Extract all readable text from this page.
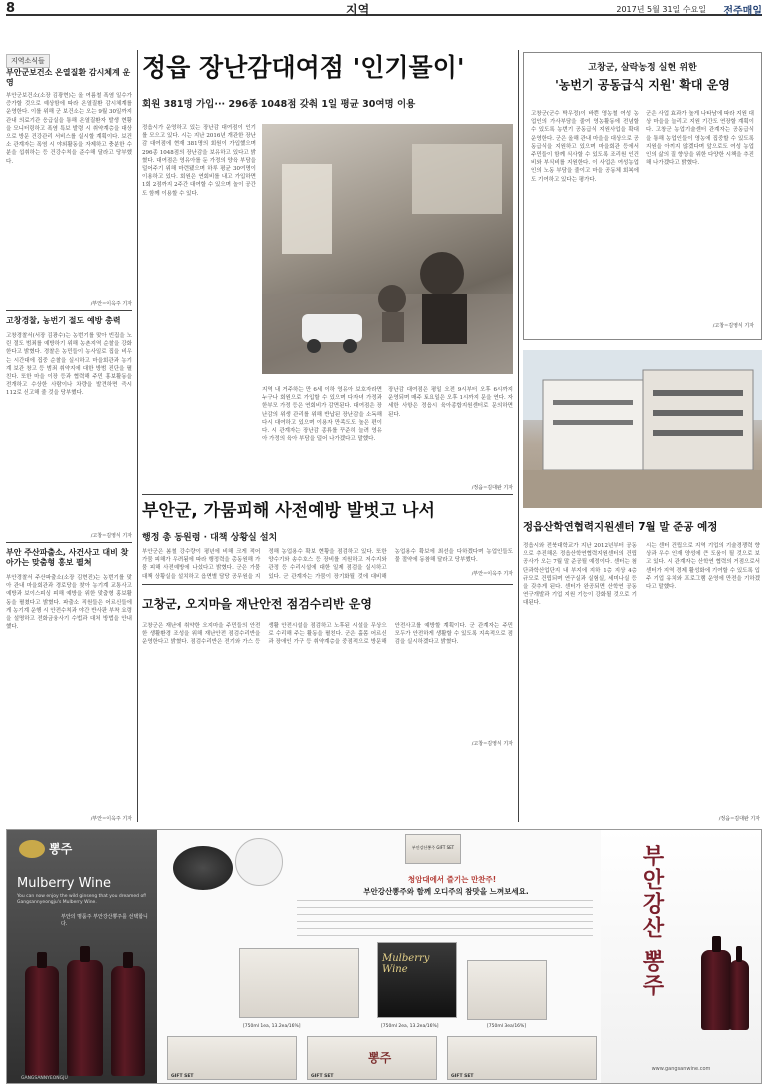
8	지역	2017년 5월 31일 수요일 전주매일
지역소식들
부안군보건소 온열질환 감시체계 운영
부안군보건소(소장 김광현)는 올 여름철 폭염 일수가 증가할 것으로 예상함에 따라 온열질환 감시체계를 운영한다. 이를 위해 군 보건소는 오는 9월 30일까지 관내 의료기관 응급실을 통해 온열질환자 발생 현황을 모니터링하고 폭염 특보 발령 시 취약계층을 대상으로 방문 건강관리 서비스를 실시할 계획이다. 보건소 관계자는 폭염 시 야외활동을 자제하고 충분한 수분을 섭취하는 등 건강수칙을 준수해 달라고 당부했다.
/부안=이옥주 기자
고창경찰, 농번기 절도 예방 총력
고창경찰서(서장 김광수)는 농번기를 맞아 빈집을 노린 절도 범죄를 예방하기 위해 농촌지역 순찰을 강화한다고 밝혔다. 경찰은 농민들이 농사일로 집을 비우는 시간대에 집중 순찰을 실시하고 마을회관과 농기계 보관 창고 등 범죄 취약지에 대한 방범 진단을 펼친다. 또한 마을 이장 등과 협력해 주민 홍보활동을 전개하고 수상한 사람이나 차량을 발견하면 즉시 112로 신고해 줄 것을 당부했다.
/고창=김영식 기자
부안 주산파출소, 사건사고 대비 찾아가는 맞춤형 홍보 펼쳐
부안경찰서 주산파출소(소장 김현진)는 농번기를 맞아 관내 마을회관과 경로당을 찾아 농기계 교통사고 예방과 보이스피싱 피해 예방을 위한 맞춤형 홍보활동을 펼쳤다고 밝혔다. 파출소 직원들은 어르신들에게 농기계 운행 시 안전수칙과 야간 반사판 부착 요령을 설명하고 전화금융사기 수법과 대처 방법을 안내했다.
/부안=이옥주 기자
정읍 장난감대여점 '인기몰이'
회원 381명 가입··· 296종 1048점 갖춰 1일 평균 30여명 이용
정읍시가 운영하고 있는 장난감 대여점이 인기를 모으고 있다. 시는 지난 2016년 개관한 장난감 대여점에 현재 381명의 회원이 가입했으며 296종 1048점의 장난감을 보유하고 있다고 밝혔다. 대여점은 영유아를 둔 가정의 양육 부담을 덜어주기 위해 마련됐으며 하루 평균 30여명이 이용하고 있다. 회원은 연회비를 내고 가입하면 1회 2점까지 2주간 대여할 수 있으며 놀이 공간도 함께 이용할 수 있다.
지역 내 거주하는 만 6세 이하 영유아 보호자라면 누구나 회원으로 가입할 수 있으며 다자녀 가정과 한부모 가정 등은 연회비가 감면된다. 대여점은 장난감의 위생 관리를 위해 반납된 장난감을 소독해 다시 대여하고 있으며 이용자 만족도도 높은 편이다. 시 관계자는 장난감 종류를 꾸준히 늘려 영유아 가정의 육아 부담을 덜어 나가겠다고 말했다.
장난감 대여점은 평일 오전 9시부터 오후 6시까지 운영되며 매주 토요일은 오후 1시까지 문을 연다. 자세한 사항은 정읍시 육아종합지원센터로 문의하면 된다.
/정읍=김대완 기자
고창군, 살락농정 실현 위한
'농번기 공동급식 지원' 확대 운영
고창군(군수 박우정)이 바쁜 영농철 여성 농업인의 가사부담을 줄여 영농활동에 전념할 수 있도록 농번기 공동급식 지원사업을 확대 운영한다. 군은 올해 관내 마을을 대상으로 공동급식을 지원하고 있으며 마을회관 등에서 주민들이 함께 식사할 수 있도록 조리원 인건비와 부식비를 지원한다. 이 사업은 여성농업인의 노동 부담을 줄이고 마을 공동체 회복에도 기여하고 있다는 평가다.
군은 사업 효과가 높게 나타남에 따라 지원 대상 마을을 늘리고 지원 기간도 연장할 계획이다. 고창군 농업기술센터 관계자는 공동급식을 통해 농업인들이 영농에 집중할 수 있도록 지원을 아끼지 않겠다며 앞으로도 여성 농업인의 삶의 질 향상을 위한 다양한 시책을 추진해 나가겠다고 밝혔다.
/고창=김영식 기자
부안군, 가뭄피해 사전예방 발벗고 나서
행정 총 동원령 · 대책 상황실 설치
부안군은 봄철 강수량이 평년에 비해 크게 적어 가뭄 피해가 우려됨에 따라 행정력을 총동원해 가뭄 피해 사전예방에 나섰다고 밝혔다. 군은 가뭄대책 상황실을 설치하고 읍면별 담당 공무원을 지정해 농업용수 확보 현황을 점검하고 있다. 또한 양수기와 송수호스 등 장비를 지원하고 저수지와 관정 등 수리시설에 대한 일제 점검을 실시하고 있다. 군 관계자는 가뭄이 장기화될 것에 대비해 농업용수 확보에 최선을 다하겠다며 농업인들도 물 절약에 동참해 달라고 당부했다.
/부안=이옥주 기자
고창군, 오지마을 재난안전 점검수리반 운영
고창군은 재난에 취약한 오지마을 주민들의 안전한 생활환경 조성을 위해 재난안전 점검수리반을 운영한다고 밝혔다. 점검수리반은 전기와 가스 등 생활 안전시설을 점검하고 노후된 시설을 무상으로 수리해 주는 활동을 펼친다. 군은 홀몸 어르신과 장애인 가구 등 취약계층을 중점적으로 방문해 안전사고를 예방할 계획이다. 군 관계자는 주민 모두가 안전하게 생활할 수 있도록 지속적으로 점검을 실시하겠다고 밝혔다.
/고창=김영식 기자
정읍산학연협력지원센터 7월 말 준공 예정
정읍시와 전북대학교가 지난 2012년부터 공동으로 추진해온 정읍산학연협력지원센터의 건립 공사가 오는 7월 말 준공될 예정이다. 센터는 첨단과학산업단지 내 부지에 지하 1층 지상 4층 규모로 건립되며 연구실과 실험실, 세미나실 등을 갖추게 된다. 센터가 완공되면 산학연 공동 연구개발과 기업 지원 기능이 강화될 것으로 기대된다.
시는 센터 건립으로 지역 기업의 기술경쟁력 향상과 우수 인재 양성에 큰 도움이 될 것으로 보고 있다. 시 관계자는 산학연 협력의 거점으로서 센터가 지역 경제 활성화에 기여할 수 있도록 입주 기업 유치와 프로그램 운영에 만전을 기하겠다고 말했다.
/정읍=김대완 기자
뽕주
Mulberry Wine
You can now enjoy the wild ginseng that you dreamed of! Gangsannyeongju's Mulberry Wine.
부안의 명품주 부안강산뽕주를 선택합니다.
부안강산뽕주 GIFT SET
청암대에서 즐기는 만찬주!
부안강산뽕주와 함께 오디주의 참맛을 느껴보세요.
Mulberry Wine
[750ml 1ea, 13.2ea/16%]	[750ml 2ea, 13.2ea/16%]	[750ml 3ea/16%]
뽕주
GIFT SET	GIFT SET	GIFT SET
부안강산 뽕주
www.gangsanwine.com
GANGSANNYEONGJU
